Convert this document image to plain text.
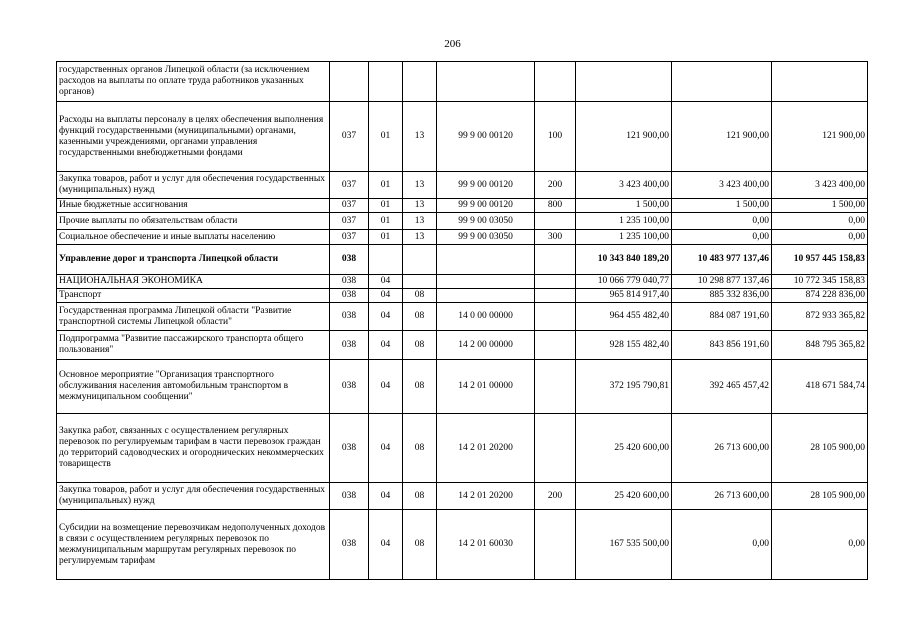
206
государственных органов Липецкой области (за исключением расходов на выплаты по оплате труда работников указанных органов)								
Расходы на выплаты персоналу в целях обеспечения выполнения функций государственными (муниципальными) органами, казенными учреждениями, органами управления государственными внебюджетными фондами	037	01	13	99 9 00 00120	100	121 900,00	121 900,00	121 900,00
Закупка товаров, работ и услуг для обеспечения государственных (муниципальных) нужд	037	01	13	99 9 00 00120	200	3 423 400,00	3 423 400,00	3 423 400,00
Иные бюджетные ассигнования	037	01	13	99 9 00 00120	800	1 500,00	1 500,00	1 500,00
Прочие выплаты по обязательствам области	037	01	13	99 9 00 03050		1 235 100,00	0,00	0,00
Социальное обеспечение и иные выплаты населению	037	01	13	99 9 00 03050	300	1 235 100,00	0,00	0,00
Управление дорог и транспорта Липецкой области	038					10 343 840 189,20	10 483 977 137,46	10 957 445 158,83
НАЦИОНАЛЬНАЯ ЭКОНОМИКА	038	04				10 066 779 040,77	10 298 877 137,46	10 772 345 158,83
Транспорт	038	04	08			965 814 917,40	885 332 836,00	874 228 836,00
Государственная программа Липецкой области "Развитие транспортной системы Липецкой области"	038	04	08	14 0 00 00000		964 455 482,40	884 087 191,60	872 933 365,82
Подпрограмма "Развитие пассажирского транспорта общего пользования"	038	04	08	14 2 00 00000		928 155 482,40	843 856 191,60	848 795 365,82
Основное мероприятие "Организация транспортного обслуживания населения автомобильным транспортом в межмуниципальном сообщении"	038	04	08	14 2 01 00000		372 195 790,81	392 465 457,42	418 671 584,74
Закупка работ, связанных с осуществлением регулярных перевозок по регулируемым тарифам в части перевозок граждан до территорий садоводческих и огороднических некоммерческих товариществ	038	04	08	14 2 01 20200		25 420 600,00	26 713 600,00	28 105 900,00
Закупка товаров, работ и услуг для обеспечения государственных (муниципальных) нужд	038	04	08	14 2 01 20200	200	25 420 600,00	26 713 600,00	28 105 900,00
Субсидии на возмещение перевозчикам недополученных доходов в связи с осуществлением регулярных перевозок по межмуниципальным маршрутам регулярных перевозок по регулируемым тарифам	038	04	08	14 2 01 60030		167 535 500,00	0,00	0,00
